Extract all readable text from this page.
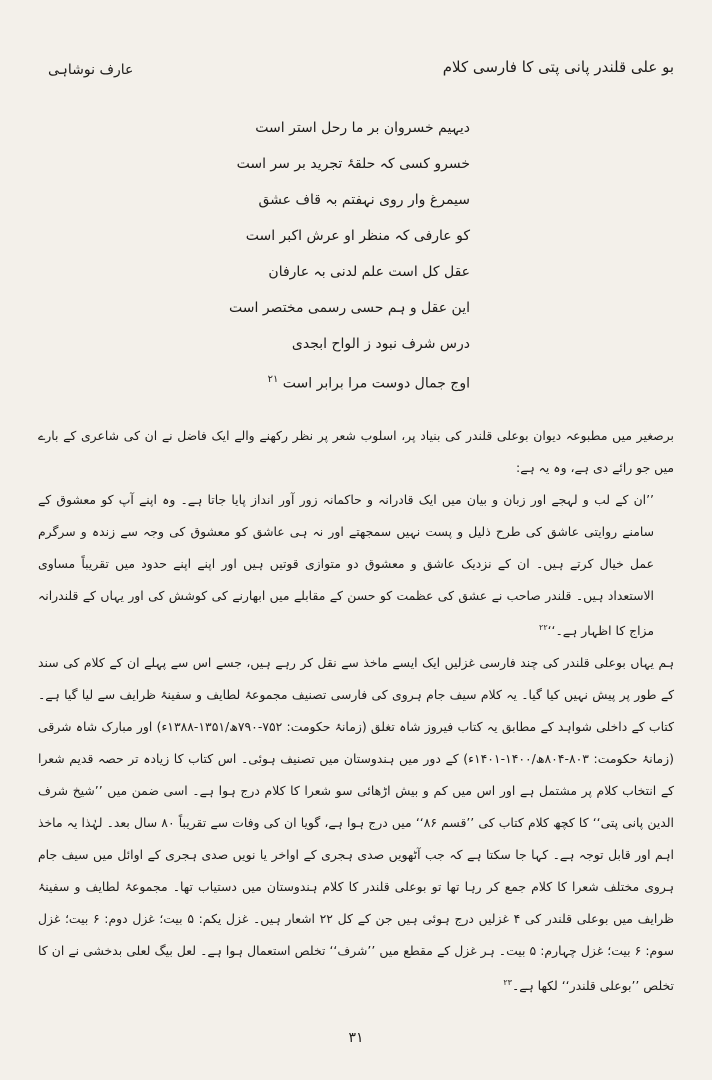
بو علی قلندر پانی پتی کا فارسی کلام
عارف نوشاہی
دیہیم خسروان بر ما رحل استر است
خسرو کسی کہ حلقۂ تجرید بر سر است
سیمرغ وار روی نہفتم بہ قاف عشق
کو عارفی کہ منظر او عرش اکبر است
عقل کل است علم لدنی بہ عارفان
این عقل و ہم حسی رسمی مختصر است
درس شرف نبود ز الواح ابجدی
اوج جمال دوست مرا برابر است $^{۲۱}$

برصغیر میں مطبوعہ دیوان بوعلی قلندر کی بنیاد پر، اسلوب شعر پر نظر رکھنے والے ایک فاضل نے ان کی شاعری کے بارے میں جو رائے دی ہے، وہ یہ ہے:

’’ان کے لب و لہجے اور زبان و بیان میں ایک قادرانہ و حاکمانہ زور آور انداز پایا جاتا ہے۔ وہ اپنے آپ کو معشوق کے سامنے روایتی عاشق کی طرح ذلیل و پست نہیں سمجھتے اور نہ ہی عاشق کو معشوق کی وجہ سے زندہ و سرگرم عمل خیال کرتے ہیں۔ ان کے نزدیک عاشق و معشوق دو متوازی قوتیں ہیں اور اپنے اپنے حدود میں تقریباً مساوی الاستعداد ہیں۔ قلندر صاحب نے عشق کی عظمت کو حسن کے مقابلے میں ابھارنے کی کوشش کی اور یہاں کے قلندرانہ مزاج کا اظہار ہے۔‘‘$^{۲۲}$

ہم یہاں بوعلی قلندر کی چند فارسی غزلیں ایک ایسے ماخذ سے نقل کر رہے ہیں، جسے اس سے پہلے ان کے کلام کی سند کے طور پر پیش نہیں کیا گیا۔ یہ کلام سیف جام ہروی کی فارسی تصنیف مجموعۂ لطایف و سفینۂ ظرایف سے لیا گیا ہے۔ کتاب کے داخلی شواہد کے مطابق یہ کتاب فیروز شاہ تغلق (زمانۂ حکومت: ۷۵۲-۷۹۰ھ/۱۳۵۱-۱۳۸۸ء) اور مبارک شاہ شرقی (زمانۂ حکومت: ۸۰۳-۸۰۴ھ/۱۴۰۰-۱۴۰۱ء) کے دور میں ہندوستان میں تصنیف ہوئی۔ اس کتاب کا زیادہ تر حصہ قدیم شعرا کے انتخاب کلام پر مشتمل ہے اور اس میں کم و بیش اڑھائی سو شعرا کا کلام درج ہوا ہے۔ اسی ضمن میں ’’شیخ شرف الدین پانی پتی‘‘ کا کچھ کلام کتاب کی ’’قسم ۸۶‘‘ میں درج ہوا ہے، گویا ان کی وفات سے تقریباً ۸۰ سال بعد۔ لہٰذا یہ ماخذ اہم اور قابل توجہ ہے۔ کہا جا سکتا ہے کہ جب آٹھویں صدی ہجری کے اواخر یا نویں صدی ہجری کے اوائل میں سیف جام ہروی مختلف شعرا کا کلام جمع کر رہا تھا تو بوعلی قلندر کا کلام ہندوستان میں دستیاب تھا۔ مجموعۂ لطایف و سفینۂ ظرایف میں بوعلی قلندر کی ۴ غزلیں درج ہوئی ہیں جن کے کل ۲۲ اشعار ہیں۔ غزل یکم: ۵ بیت؛ غزل دوم: ۶ بیت؛ غزل سوم: ۶ بیت؛ غزل چہارم: ۵ بیت۔ ہر غزل کے مقطع میں ’’شرف‘‘ تخلص استعمال ہوا ہے۔ لعل بیگ لعلی بدخشی نے ان کا تخلص ’’بوعلی قلندر‘‘ لکھا ہے۔$^{۲۳}$

۳۱
